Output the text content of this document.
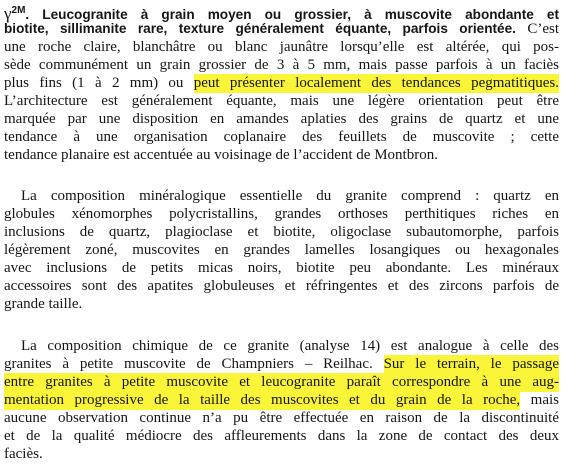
$\gamma^{2M}$. Leucogranite à grain moyen ou grossier, à muscovite abondante et
biotite, sillimanite rare, texture généralement équante, parfois orientée. C’est
une roche claire, blanchâtre ou blanc jaunâtre lorsqu’elle est altérée, qui pos-
sède communément un grain grossier de 3 à 5 mm, mais passe parfois à un faciès
plus fins (1 à 2 mm) ou peut présenter localement des tendances pegmatitiques.
L’architecture est généralement équante, mais une légère orientation peut être
marquée par une disposition en amandes aplaties des grains de quartz et une
tendance à une organisation coplanaire des feuillets de muscovite ; cette
tendance planaire est accentuée au voisinage de l’accident de Montbron.
La composition minéralogique essentielle du granite comprend : quartz en
globules xénomorphes polycristallins, grandes orthoses perthitiques riches en
inclusions de quartz, plagioclase et biotite, oligoclase subautomorphe, parfois
légèrement zoné, muscovites en grandes lamelles losangiques ou hexagonales
avec inclusions de petits micas noirs, biotite peu abondante. Les minéraux
accessoires sont des apatites globuleuses et réfringentes et des zircons parfois de
grande taille.
La composition chimique de ce granite (analyse 14) est analogue à celle des
granites à petite muscovite de Champniers – Reilhac. Sur le terrain, le passage
entre granites à petite muscovite et leucogranite paraît correspondre à une aug-
mentation progressive de la taille des muscovites et du grain de la roche, mais
aucune observation continue n’a pu être effectuée en raison de la discontinuité
et de la qualité médiocre des affleurements dans la zone de contact des deux
faciès.
